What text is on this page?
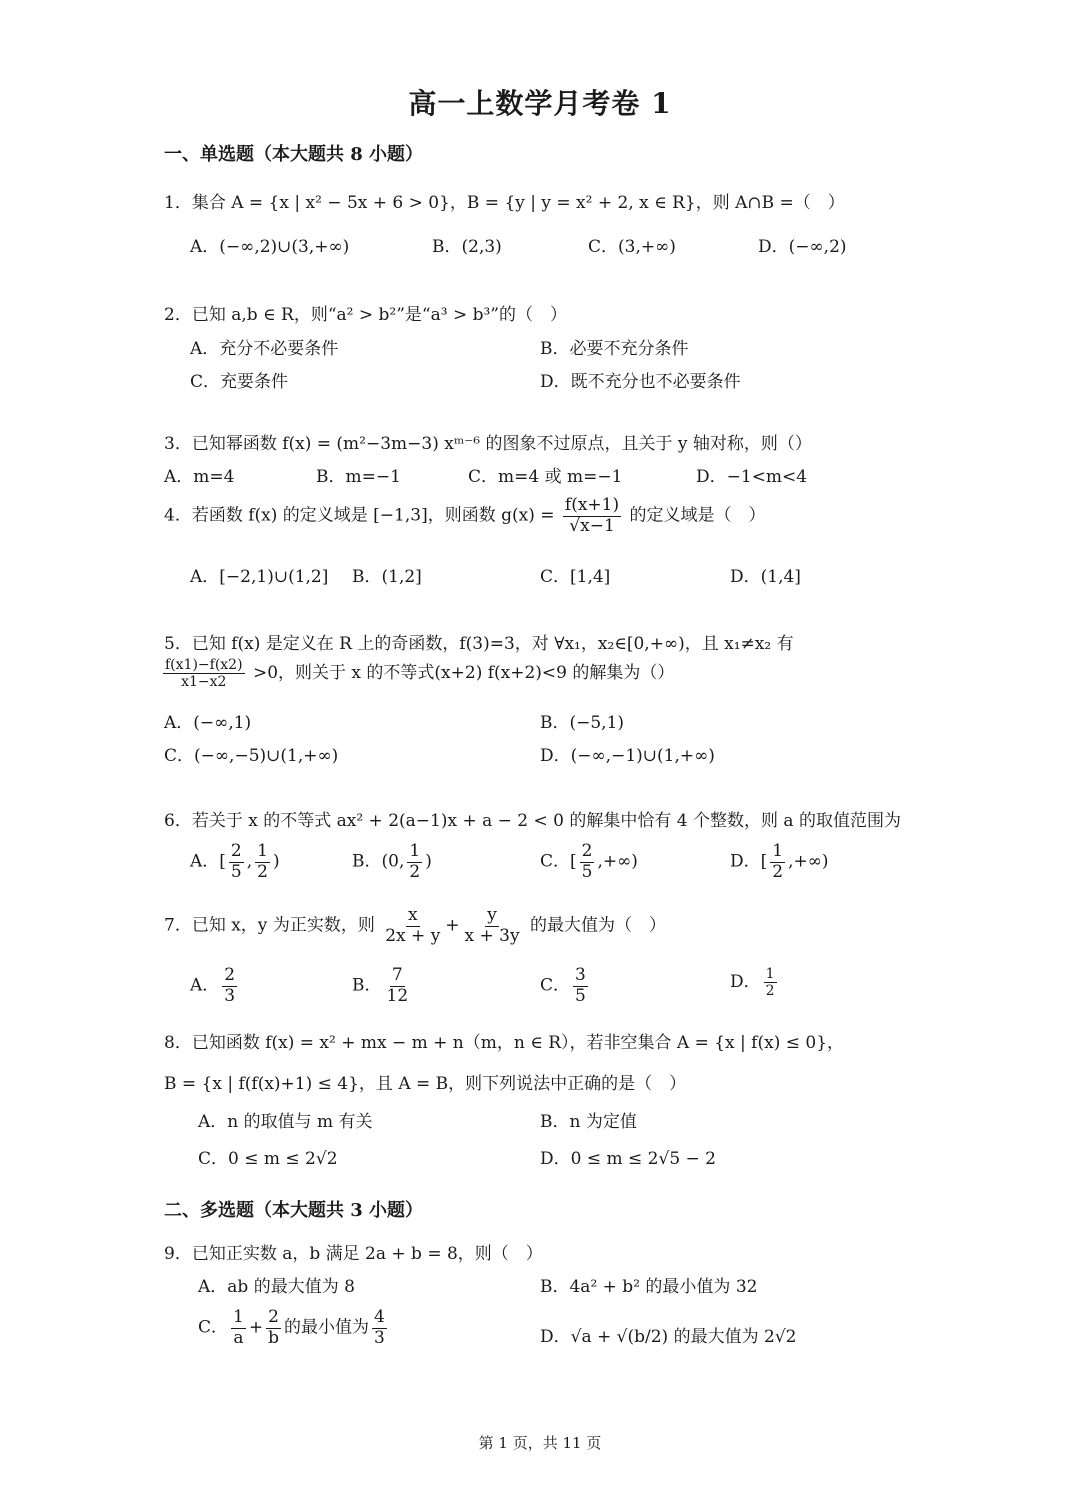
高一上数学月考卷 1
一、单选题（本大题共 8 小题）
1．集合 A = {x | x² − 5x + 6 > 0}，B = {y | y = x² + 2, x ∈ R}，则 A∩B =（　）
A．(−∞,2)∪(3,+∞)	B．(2,3)	C．(3,+∞)	D．(−∞,2)
2．已知 a,b ∈ R，则“a² > b²”是“a³ > b³”的（　）
A．充分不必要条件	B．必要不充分条件
C．充要条件	D．既不充分也不必要条件
3．已知幂函数 f(x) = (m²−3m−3) xᵐ⁻⁶ 的图象不过原点，且关于 y 轴对称，则（）
A．m=4	B．m=−1	C．m=4 或 m=−1	D．−1<m<4
4．若函数 f(x) 的定义域是 [−1,3]，则函数 $g(x) = \frac{f(x+1)}{√x-1}$ 的定义域是（　）
A．[−2,1)∪(1,2] B．(1,2]	C．[1,4]	D．(1,4]
5．已知 f(x) 是定义在 R 上的奇函数，f(3)=3，对 ∀x₁，x₂∈[0,+∞)，且 x₁≠x₂ 有
$\frac{f(x1)-f(x2)}{x1-x2} >0$，则关于 x 的不等式(x+2) f(x+2)<9 的解集为（）
A．(−∞,1)	B．(−5,1)
C．(−∞,−5)∪(1,+∞)	D．(−∞,−1)∪(1,+∞)
6．若关于 x 的不等式 ax² + 2(a−1)x + a − 2 < 0 的解集中恰有 4 个整数，则 a 的取值范围为
A．[ $\frac{2}{5}$ , $\frac{1}{2}$ )	B．(0, $\frac{1}{2}$ )	C．[ $\frac{2}{5}$ ,+∞)	D．[ $\frac{1}{2}$ ,+∞)
7．已知 x，y 为正实数，则 $\frac{x}{2x + y} + \frac{y}{x + 3y}$ 的最大值为（　）
A． $\frac{2}{3}$	B． $\frac{7}{12}$	C． $\frac{3}{5}$	D． $\frac{1}{2}$
8．已知函数 f(x) = x² + mx − m + n（m，n ∈ R），若非空集合 A = {x | f(x) ≤ 0}，
B = {x | f(f(x)+1) ≤ 4}，且 A = B，则下列说法中正确的是（　）
A．n 的取值与 m 有关	B．n 为定值
C．0 ≤ m ≤ 2√2	D．0 ≤ m ≤ 2√5 − 2
二、多选题（本大题共 3 小题）
9．已知正实数 a，b 满足 2a + b = 8，则（　）
A．ab 的最大值为 8	B．4a² + b² 的最小值为 32
C． $\frac{1}{a} + \frac{2}{b}$ 的最小值为 $\frac{4}{3}$	D．√a + √(b/2) 的最大值为 2√2
第 1 页，共 11 页
